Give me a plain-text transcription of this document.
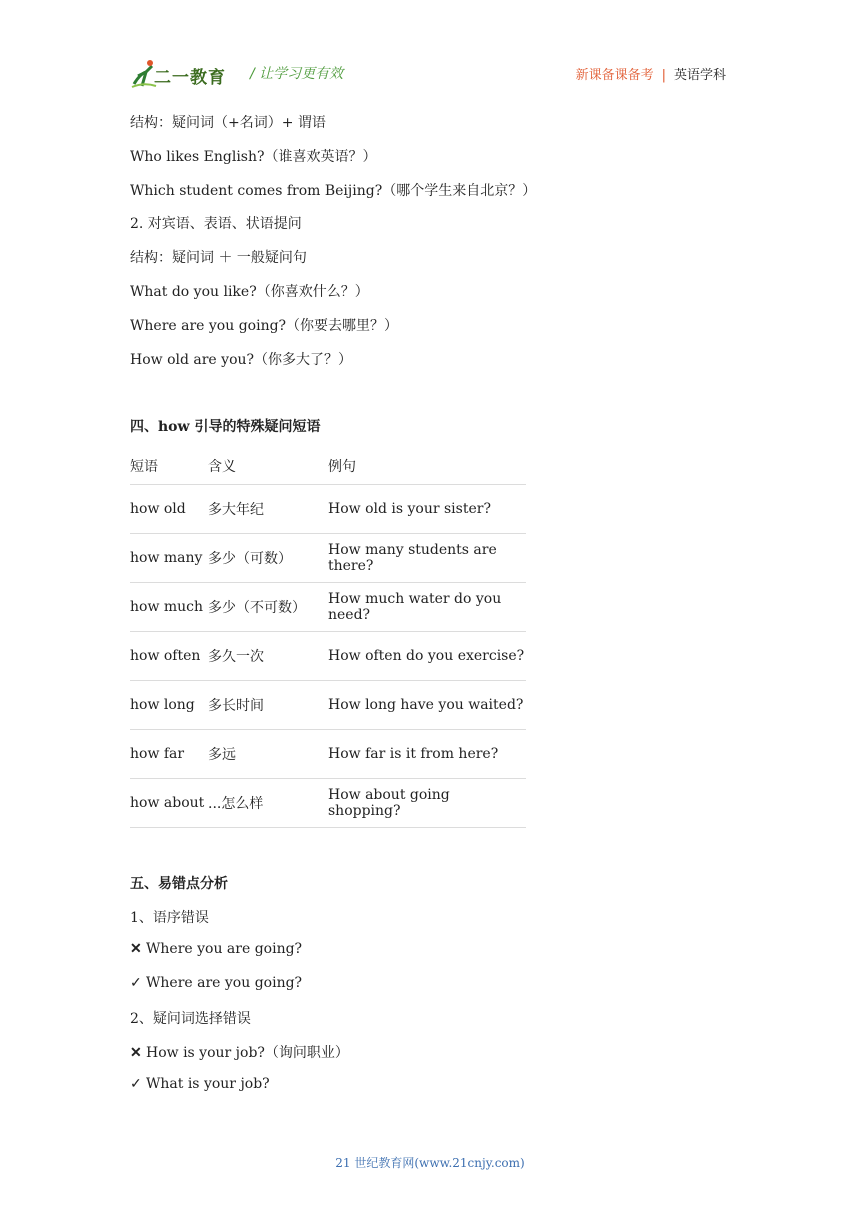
二一教育 / 让学习更有效	新课备课备考 | 英语学科
结构：疑问词（+名词）+ 谓语
Who likes English?（谁喜欢英语？）
Which student comes from Beijing?（哪个学生来自北京？）
2. 对宾语、表语、状语提问
结构：疑问词 ＋ 一般疑问句
What do you like?（你喜欢什么？）
Where are you going?（你要去哪里？）
How old are you?（你多大了？）
四、how 引导的特殊疑问短语
短语	含义	例句
how old	多大年纪	How old is your sister?
how many	多少（可数）	How many students are there?
how much	多少（不可数）	How much water do you need?
how often	多久一次	How often do you exercise?
how long	多长时间	How long have you waited?
how far	多远	How far is it from here?
how about	...怎么样	How about going shopping?
五、易错点分析
1、语序错误
✕ Where you are going?
✓ Where are you going?
2、疑问词选择错误
✕ How is your job?（询问职业）
✓ What is your job?
21 世纪教育网(www.21cnjy.com)
